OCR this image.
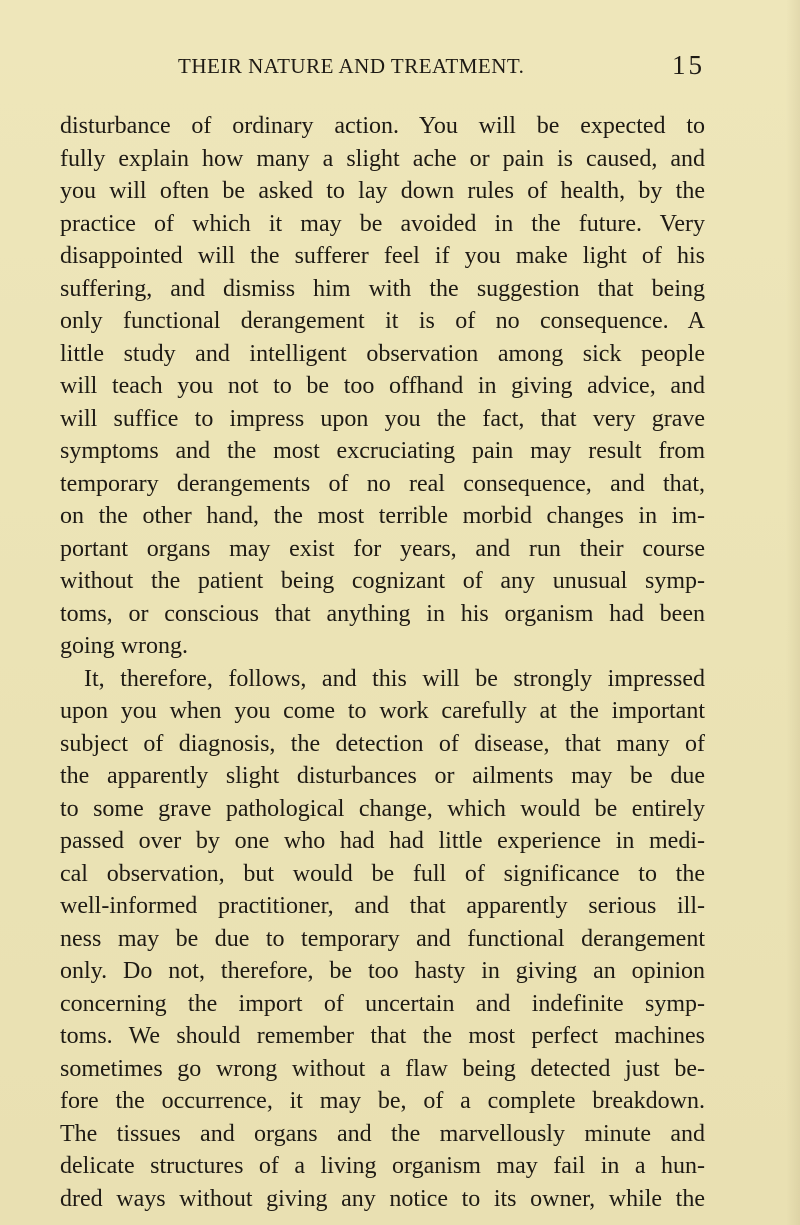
THEIR NATURE AND TREATMENT.	15
disturbance of ordinary action. You will be expected to
fully explain how many a slight ache or pain is caused, and
you will often be asked to lay down rules of health, by the
practice of which it may be avoided in the future. Very
disappointed will the sufferer feel if you make light of his
suffering, and dismiss him with the suggestion that being
only functional derangement it is of no consequence. A
little study and intelligent observation among sick people
will teach you not to be too offhand in giving advice, and
will suffice to impress upon you the fact, that very grave
symptoms and the most excruciating pain may result from
temporary derangements of no real consequence, and that,
on the other hand, the most terrible morbid changes in im-
portant organs may exist for years, and run their course
without the patient being cognizant of any unusual symp-
toms, or conscious that anything in his organism had been
going wrong.
It, therefore, follows, and this will be strongly impressed
upon you when you come to work carefully at the important
subject of diagnosis, the detection of disease, that many of
the apparently slight disturbances or ailments may be due
to some grave pathological change, which would be entirely
passed over by one who had had little experience in medi-
cal observation, but would be full of significance to the
well-informed practitioner, and that apparently serious ill-
ness may be due to temporary and functional derangement
only. Do not, therefore, be too hasty in giving an opinion
concerning the import of uncertain and indefinite symp-
toms. We should remember that the most perfect machines
sometimes go wrong without a flaw being detected just be-
fore the occurrence, it may be, of a complete breakdown.
The tissues and organs and the marvellously minute and
delicate structures of a living organism may fail in a hun-
dred ways without giving any notice to its owner, while the
